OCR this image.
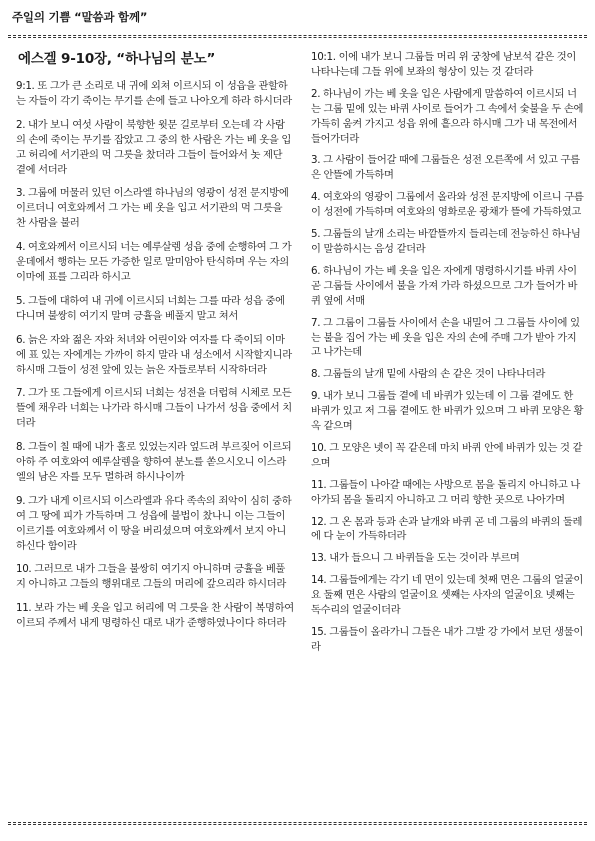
주일의 기쁨 “말씀과 함께”
에스겔 9-10장, “하나님의 분노”
9:1. 또 그가 큰 소리로 내 귀에 외쳐 이르시되 이 성읍을 관할하는 자들이 각기 죽이는 무기를 손에 들고 나아오게 하라 하시더라
2. 내가 보니 여섯 사람이 북향한 윗문 길로부터 오는데 각 사람의 손에 죽이는 무기를 잡았고 그 중의 한 사람은 가는 베 옷을 입고 허리에 서기관의 먹 그릇을 찼더라 그들이 들어와서 놋 제단 곁에 서더라
3. 그룹에 머물러 있던 이스라엘 하나님의 영광이 성전 문지방에 이르더니 여호와께서 그 가는 베 옷을 입고 서기관의 먹 그릇을 찬 사람을 불러
4. 여호와께서 이르시되 너는 예루살렘 성읍 중에 순행하여 그 가운데에서 행하는 모든 가증한 일로 말미암아 탄식하며 우는 자의 이마에 표를 그리라 하시고
5. 그들에 대하여 내 귀에 이르시되 너희는 그를 따라 성읍 중에 다니며 불쌍히 여기지 말며 긍휼을 베풀지 말고 쳐서
6. 늙은 자와 젊은 자와 처녀와 어린이와 여자를 다 죽이되 이마에 표 있는 자에게는 가까이 하지 말라 내 성소에서 시작할지니라 하시매 그들이 성전 앞에 있는 늙은 자들로부터 시작하더라
7. 그가 또 그들에게 이르시되 너희는 성전을 더럽혀 시체로 모든 뜰에 채우라 너희는 나가라 하시매 그들이 나가서 성읍 중에서 치더라
8. 그들이 칠 때에 내가 홀로 있었는지라 엎드려 부르짖어 이르되 아하 주 여호와여 예루살렘을 향하여 분노를 쏟으시오니 이스라엘의 남은 자를 모두 멸하려 하시나이까
9. 그가 내게 이르시되 이스라엘과 유다 족속의 죄악이 심히 중하여 그 땅에 피가 가득하며 그 성읍에 불법이 찼나니 이는 그들이 이르기를 여호와께서 이 땅을 버리셨으며 여호와께서 보지 아니하신다 함이라
10. 그러므로 내가 그들을 불쌍히 여기지 아니하며 긍휼을 베풀지 아니하고 그들의 행위대로 그들의 머리에 갚으리라 하시더라
11. 보라 가는 베 옷을 입고 허리에 먹 그릇을 찬 사람이 복명하여 이르되 주께서 내게 명령하신 대로 내가 준행하였나이다 하더라
10:1. 이에 내가 보니 그룹들 머리 위 궁창에 남보석 같은 것이 나타나는데 그들 위에 보좌의 형상이 있는 것 같더라
2. 하나님이 가는 베 옷을 입은 사람에게 말씀하여 이르시되 너는 그룹 밑에 있는 바퀴 사이로 들어가 그 속에서 숯불을 두 손에 가득히 움켜 가지고 성읍 위에 흩으라 하시매 그가 내 목전에서 들어가더라
3. 그 사람이 들어갈 때에 그룹들은 성전 오른쪽에 서 있고 구름은 안뜰에 가득하며
4. 여호와의 영광이 그룹에서 올라와 성전 문지방에 이르니 구름이 성전에 가득하며 여호와의 영화로운 광채가 뜰에 가득하였고
5. 그룹들의 날개 소리는 바깥뜰까지 들리는데 전능하신 하나님이 말씀하시는 음성 같더라
6. 하나님이 가는 베 옷을 입은 자에게 명령하시기를 바퀴 사이 곧 그룹들 사이에서 불을 가져 가라 하셨으므로 그가 들어가 바퀴 옆에 서매
7. 그 그룹이 그룹들 사이에서 손을 내밀어 그 그룹들 사이에 있는 불을 집어 가는 베 옷을 입은 자의 손에 주매 그가 받아 가지고 나가는데
8. 그룹들의 날개 밑에 사람의 손 같은 것이 나타나더라
9. 내가 보니 그룹들 곁에 네 바퀴가 있는데 이 그룹 곁에도 한 바퀴가 있고 저 그룹 곁에도 한 바퀴가 있으며 그 바퀴 모양은 황옥 같으며
10. 그 모양은 넷이 꼭 같은데 마치 바퀴 안에 바퀴가 있는 것 같으며
11. 그룹들이 나아갈 때에는 사방으로 몸을 돌리지 아니하고 나아가되 몸을 돌리지 아니하고 그 머리 향한 곳으로 나아가며
12. 그 온 몸과 등과 손과 날개와 바퀴 곧 네 그룹의 바퀴의 둘레에 다 눈이 가득하더라
13. 내가 들으니 그 바퀴들을 도는 것이라 부르며
14. 그룹들에게는 각기 네 면이 있는데 첫째 면은 그룹의 얼굴이요 둘째 면은 사람의 얼굴이요 셋째는 사자의 얼굴이요 넷째는 독수리의 얼굴이더라
15. 그룹들이 올라가니 그들은 내가 그발 강 가에서 보던 생물이라
